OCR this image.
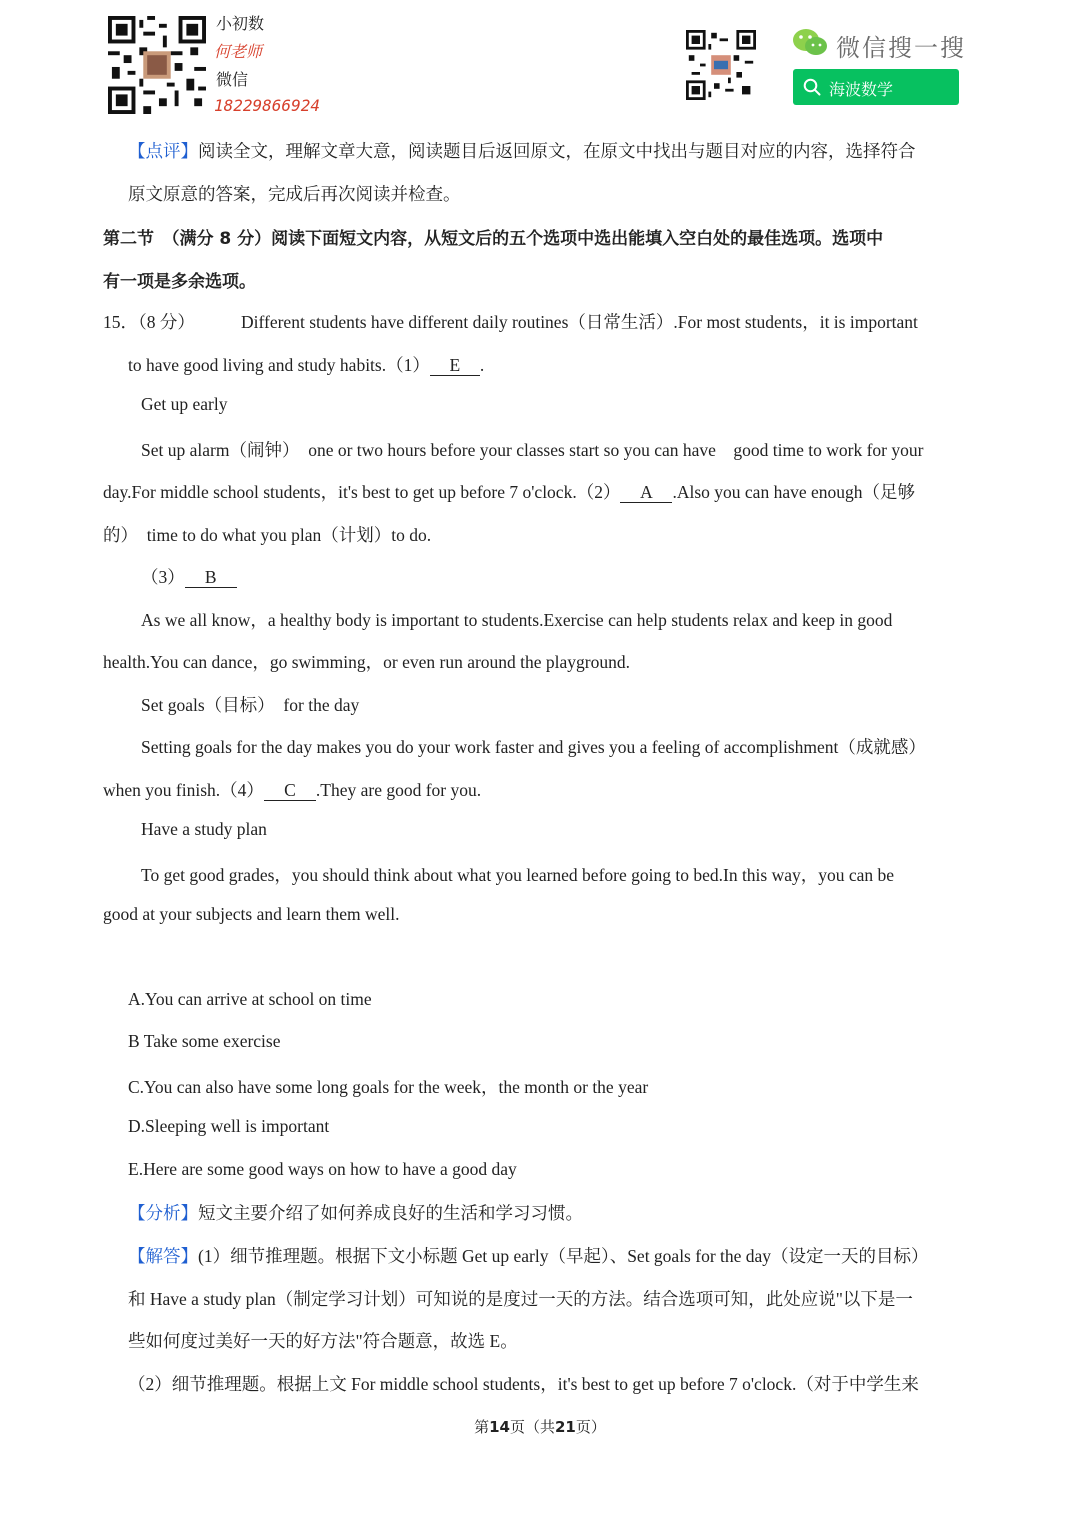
小初数
何老师
微信
18229866924
微信搜一搜
海波数学
【点评】阅读全文，理解文章大意，阅读题目后返回原文，在原文中找出与题目对应的内容，选择符合
原文原意的答案，完成后再次阅读并检查。
第二节　（满分 8 分）阅读下面短文内容，从短文后的五个选项中选出能填入空白处的最佳选项。选项中
有一项是多余选项。
15．（8 分）	Different students have different daily routines（日常生活）.For most students，it is important
to have good living and study habits.（1） E .
Get up early
Set up alarm（闹钟）　one or two hours before your classes start so you can have　good time to work for your
day.For middle school students，it's best to get up before 7 o'clock.（2） A .Also you can have enough（足够
的）　time to do what you plan（计划）to do.
（3） B
As we all know，a healthy body is important to students.Exercise can help students relax and keep in good
health.You can dance，go swimming，or even run around the playground.
Set goals（目标）　for the day
Setting goals for the day makes you do your work faster and gives you a feeling of accomplishment（成就感）
when you finish.（4） C .They are good for you.
Have a study plan
To get good grades，you should think about what you learned before going to bed.In this way，you can be
good at your subjects and learn them well.
A.You can arrive at school on time
B Take some exercise
C.You can also have some long goals for the week，the month or the year
D.Sleeping well is important
E.Here are some good ways on how to have a good day
【分析】短文主要介绍了如何养成良好的生活和学习习惯。
【解答】(1）细节推理题。根据下文小标题 Get up early（早起）、Set goals for the day（设定一天的目标）
和 Have a study plan（制定学习计划）可知说的是度过一天的方法。结合选项可知，此处应说"以下是一
些如何度过美好一天的好方法"符合题意，故选 E。
（2）细节推理题。根据上文 For middle school students，it's best to get up before 7 o'clock.（对于中学生来
第14页（共21页）
